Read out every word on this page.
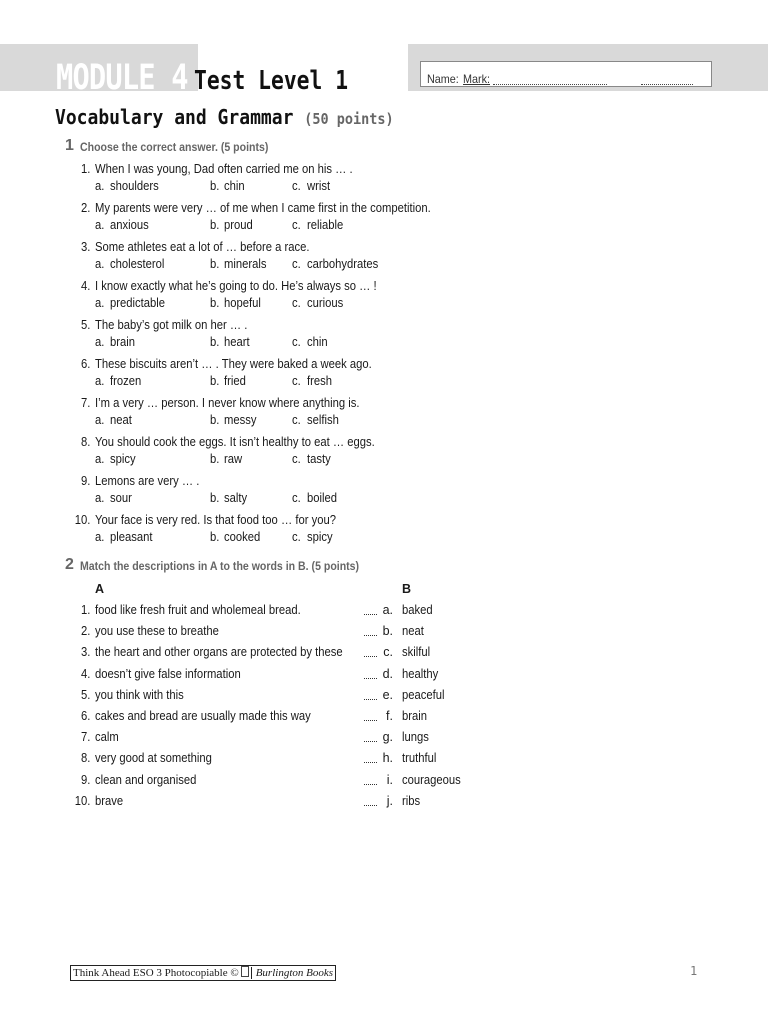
MODULE 4 Test Level 1	Name: Mark:
Vocabulary and Grammar (50 points)
1 Choose the correct answer. (5 points)
1. When I was young, Dad often carried me on his … .
a. shoulders	b. chin	c. wrist
2. My parents were very … of me when I came first in the competition.
a. anxious	b. proud	c. reliable
3. Some athletes eat a lot of … before a race.
a. cholesterol	b. minerals c. carbohydrates
4. I know exactly what he’s going to do. He’s always so … !
a. predictable	b. hopeful c. curious
5. The baby’s got milk on her … .
a. brain	b. heart	c. chin
6. These biscuits aren’t … . They were baked a week ago.
a. frozen	b. fried	c. fresh
7. I’m a very … person. I never know where anything is.
a. neat	b. messy	c. selfish
8. You should cook the eggs. It isn’t healthy to eat … eggs.
a. spicy	b. raw	c. tasty
9. Lemons are very … .
a. sour	b. salty	c. boiled
10. Your face is very red. Is that food too … for you?
a. pleasant	b. cooked	c. spicy
2 Match the descriptions in A to the words in B. (5 points)
A	B
1. food like fresh fruit and wholemeal bread.	a. baked
2. you use these to breathe	b. neat
3. the heart and other organs are protected by these	c. skilful
4. doesn’t give false information	d. healthy
5. you think with this	e. peaceful
6. cakes and bread are usually made this way	f. brain
7. calm	g. lungs
8. very good at something	h. truthful
9. clean and organised	i. courageous
10. brave	j. ribs
Think Ahead ESO 3 Photocopiable © Burlington Books	1
